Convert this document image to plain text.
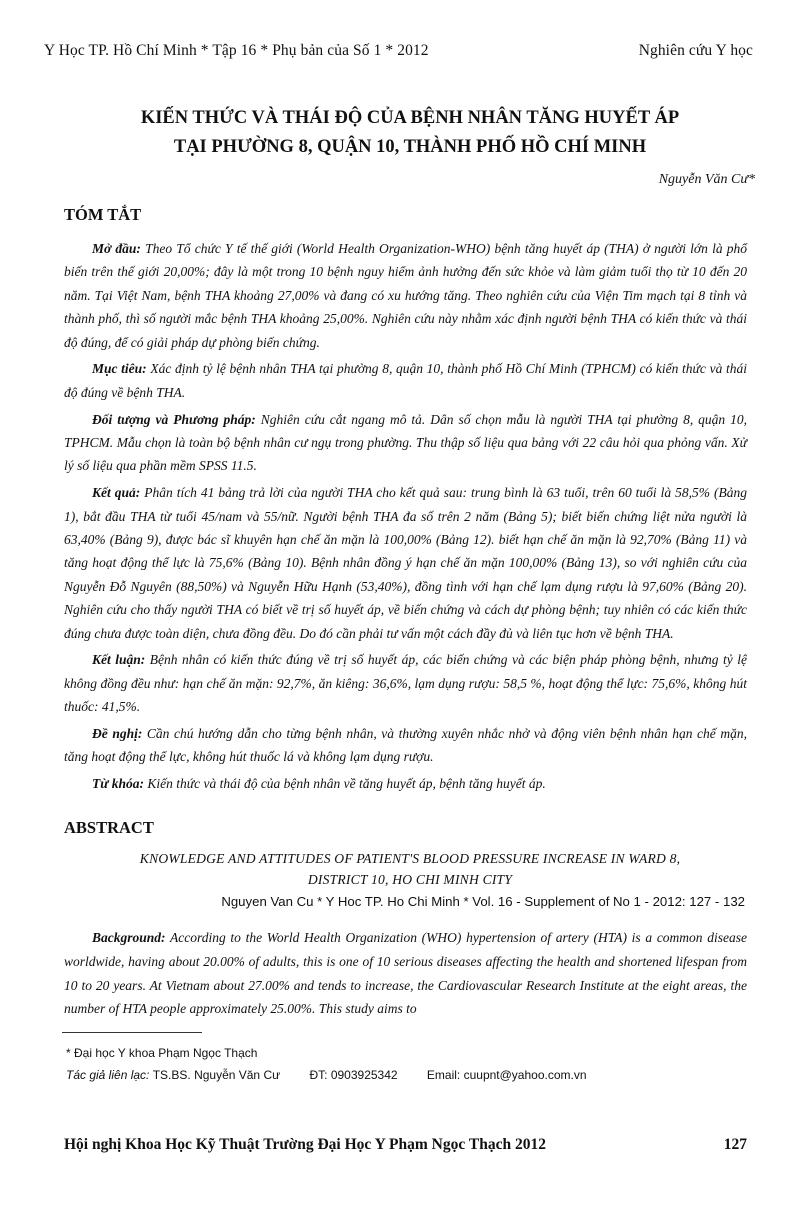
Y Học TP. Hồ Chí Minh * Tập 16 * Phụ bản của Số 1 * 2012	Nghiên cứu Y học
KIẾN THỨC VÀ THÁI ĐỘ CỦA BỆNH NHÂN TĂNG HUYẾT ÁP
TẠI PHƯỜNG 8, QUẬN 10, THÀNH PHỐ HỒ CHÍ MINH
Nguyễn Văn Cư*
TÓM TẮT

Mở đầu: Theo Tổ chức Y tế thế giới (World Health Organization-WHO) bệnh tăng huyết áp (THA) ở người lớn là phổ biến trên thế giới 20,00%; đây là một trong 10 bệnh nguy hiểm ảnh hưởng đến sức khỏe và làm giảm tuổi thọ từ 10 đến 20 năm. Tại Việt Nam, bệnh THA khoảng 27,00% và đang có xu hướng tăng. Theo nghiên cứu của Viện Tim mạch tại 8 tỉnh và thành phố, thì số người mắc bệnh THA khoảng 25,00%. Nghiên cứu này nhằm xác định người bệnh THA có kiến thức và thái độ đúng, để có giải pháp dự phòng biến chứng.

Mục tiêu: Xác định tỷ lệ bệnh nhân THA tại phường 8, quận 10, thành phố Hồ Chí Minh (TPHCM) có kiến thức và thái độ đúng về bệnh THA.

Đối tượng và Phương pháp: Nghiên cứu cắt ngang mô tả. Dân số chọn mẫu là người THA tại phường 8, quận 10, TPHCM. Mẫu chọn là toàn bộ bệnh nhân cư ngụ trong phường. Thu thập số liệu qua bảng với 22 câu hỏi qua phỏng vấn. Xử lý số liệu qua phần mềm SPSS 11.5.

Kết quả: Phân tích 41 bảng trả lời của người THA cho kết quả sau: trung bình là 63 tuổi, trên 60 tuổi là 58,5% (Bảng 1), bắt đầu THA từ tuổi 45/nam và 55/nữ. Người bệnh THA đa số trên 2 năm (Bảng 5); biết biến chứng liệt nửa người là 63,40% (Bảng 9), được bác sĩ khuyên hạn chế ăn mặn là 100,00% (Bảng 12). biết hạn chế ăn mặn là 92,70% (Bảng 11) và tăng hoạt động thể lực là 75,6% (Bảng 10). Bệnh nhân đồng ý hạn chế ăn mặn 100,00% (Bảng 13), so với nghiên cứu của Nguyễn Đỗ Nguyên (88,50%) và Nguyễn Hữu Hạnh (53,40%), đồng tình với hạn chế lạm dụng rượu là 97,60% (Bảng 20). Nghiên cứu cho thấy người THA có biết về trị số huyết áp, về biến chứng và cách dự phòng bệnh; tuy nhiên có các kiến thức đúng chưa được toàn diện, chưa đồng đều. Do đó cần phải tư vấn một cách đầy đủ và liên tục hơn về bệnh THA.

Kết luận: Bệnh nhân có kiến thức đúng về trị số huyết áp, các biến chứng và các biện pháp phòng bệnh, nhưng tỷ lệ không đồng đều như: hạn chế ăn mặn: 92,7%, ăn kiêng: 36,6%, lạm dụng rượu: 58,5 %, hoạt động thể lực: 75,6%, không hút thuốc: 41,5%.

Đề nghị: Cần chú hướng dẫn cho từng bệnh nhân, và thường xuyên nhắc nhở và động viên bệnh nhân hạn chế mặn, tăng hoạt động thể lực, không hút thuốc lá và không lạm dụng rượu.

Từ khóa: Kiến thức và thái độ của bệnh nhân về tăng huyết áp, bệnh tăng huyết áp.

ABSTRACT
KNOWLEDGE AND ATTITUDES OF PATIENT'S BLOOD PRESSURE INCREASE IN WARD 8,
DISTRICT 10, HO CHI MINH CITY
Nguyen Van Cu * Y Hoc TP. Ho Chi Minh * Vol. 16 - Supplement of No 1 - 2012: 127 - 132
Background: According to the World Health Organization (WHO) hypertension of artery (HTA) is a common disease worldwide, having about 20.00% of adults, this is one of 10 serious diseases affecting the health and shortened lifespan from 10 to 20 years. At Vietnam about 27.00% and tends to increase, the Cardiovascular Research Institute at the eight areas, the number of HTA people approximately 25.00%. This study aims to
* Đại học Y khoa Phạm Ngọc Thạch
Tác giả liên lạc: TS.BS. Nguyễn Văn Cư ĐT: 0903925342 Email: cuupnt@yahoo.com.vn
Hội nghị Khoa Học Kỹ Thuật Trường Đại Học Y Phạm Ngọc Thạch 2012	127
